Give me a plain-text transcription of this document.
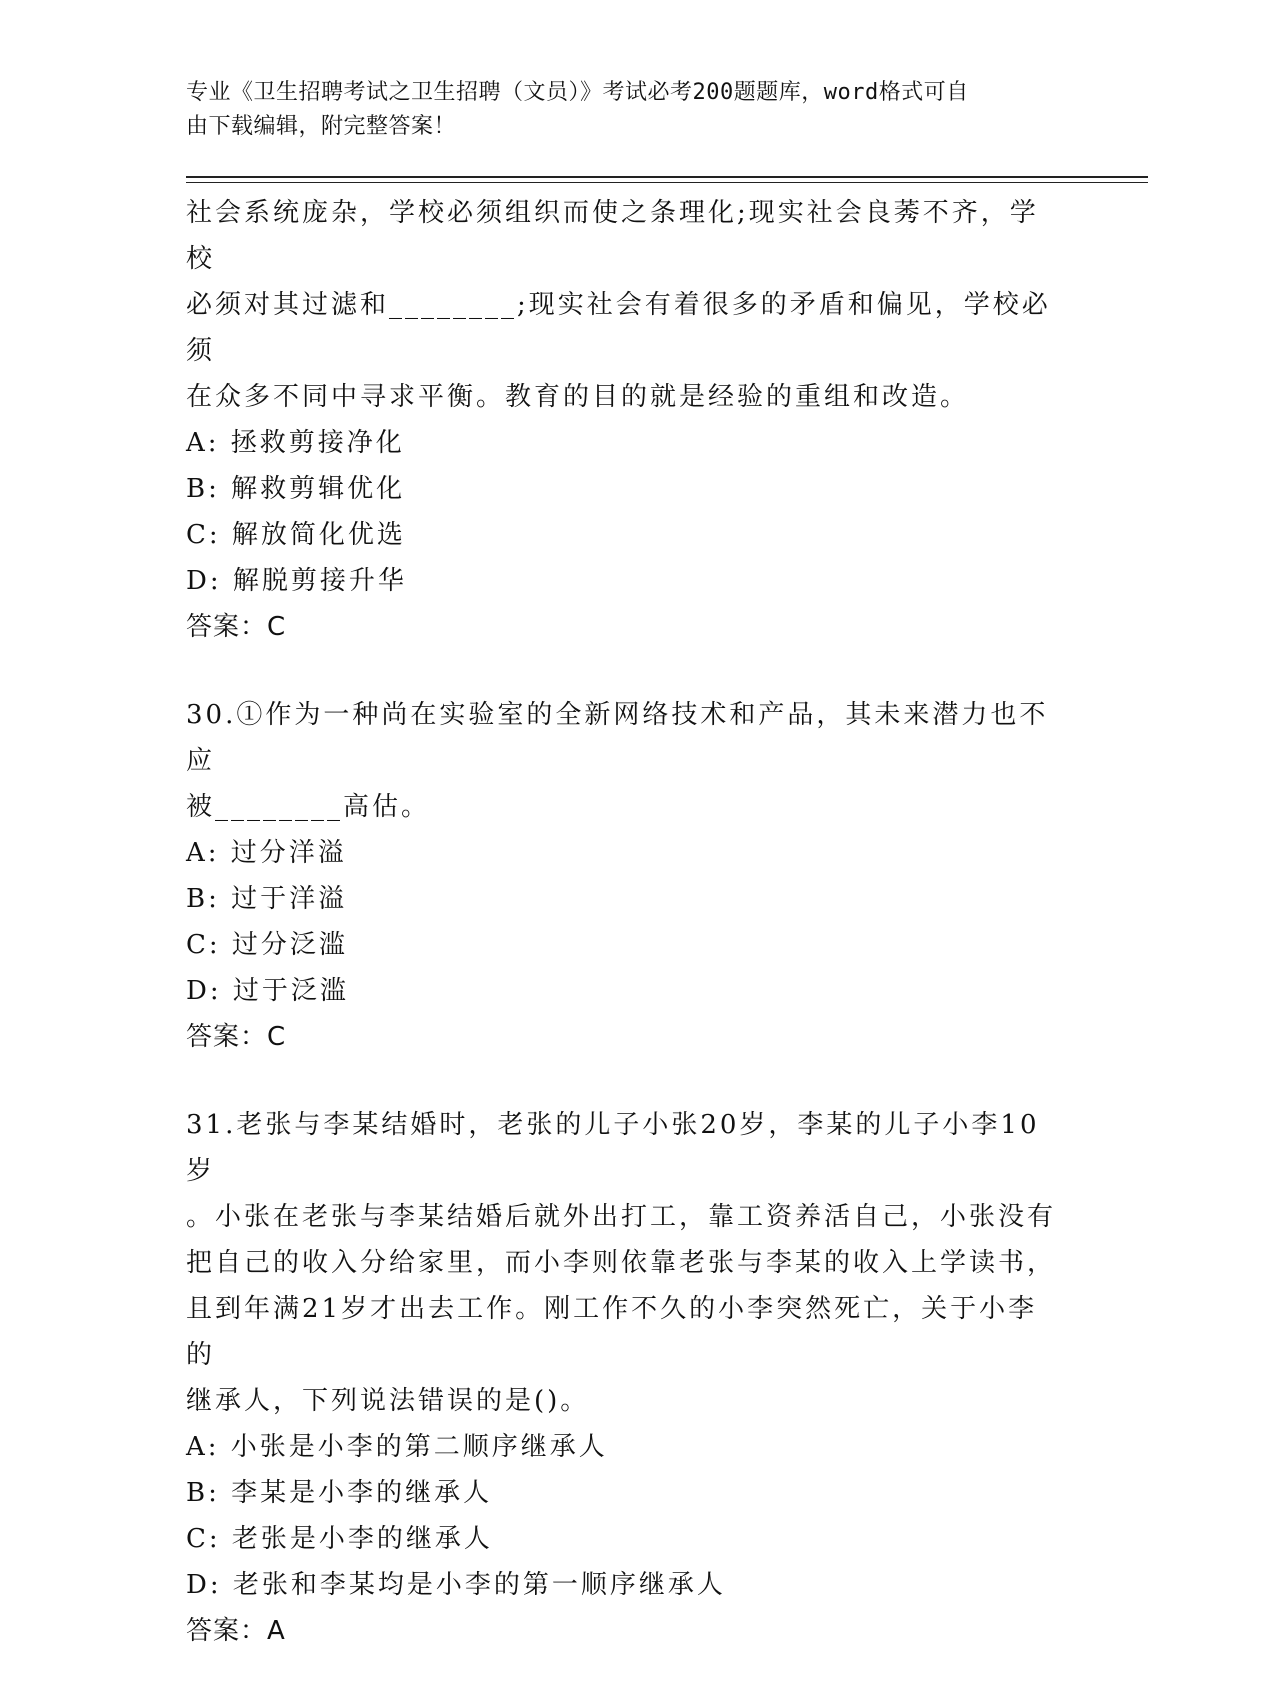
专业《卫生招聘考试之卫生招聘（文员）》考试必考200题题库，word格式可自
由下载编辑，附完整答案！

社会系统庞杂，学校必须组织而使之条理化;现实社会良莠不齐，学校

必须对其过滤和________;现实社会有着很多的矛盾和偏见，学校必须

在众多不同中寻求平衡。教育的目的就是经验的重组和改造。

A: 拯救剪接净化

B: 解救剪辑优化

C: 解放简化优选

D: 解脱剪接升华

答案：C

30.①作为一种尚在实验室的全新网络技术和产品，其未来潜力也不应

被________高估。

A: 过分洋溢

B: 过于洋溢

C: 过分泛滥

D: 过于泛滥

答案：C

31.老张与李某结婚时，老张的儿子小张20岁，李某的儿子小李10岁

。小张在老张与李某结婚后就外出打工，靠工资养活自己，小张没有

把自己的收入分给家里，而小李则依靠老张与李某的收入上学读书，

且到年满21岁才出去工作。刚工作不久的小李突然死亡，关于小李的

继承人，下列说法错误的是()。

A: 小张是小李的第二顺序继承人

B: 李某是小李的继承人

C: 老张是小李的继承人

D: 老张和李某均是小李的第一顺序继承人

答案：A
